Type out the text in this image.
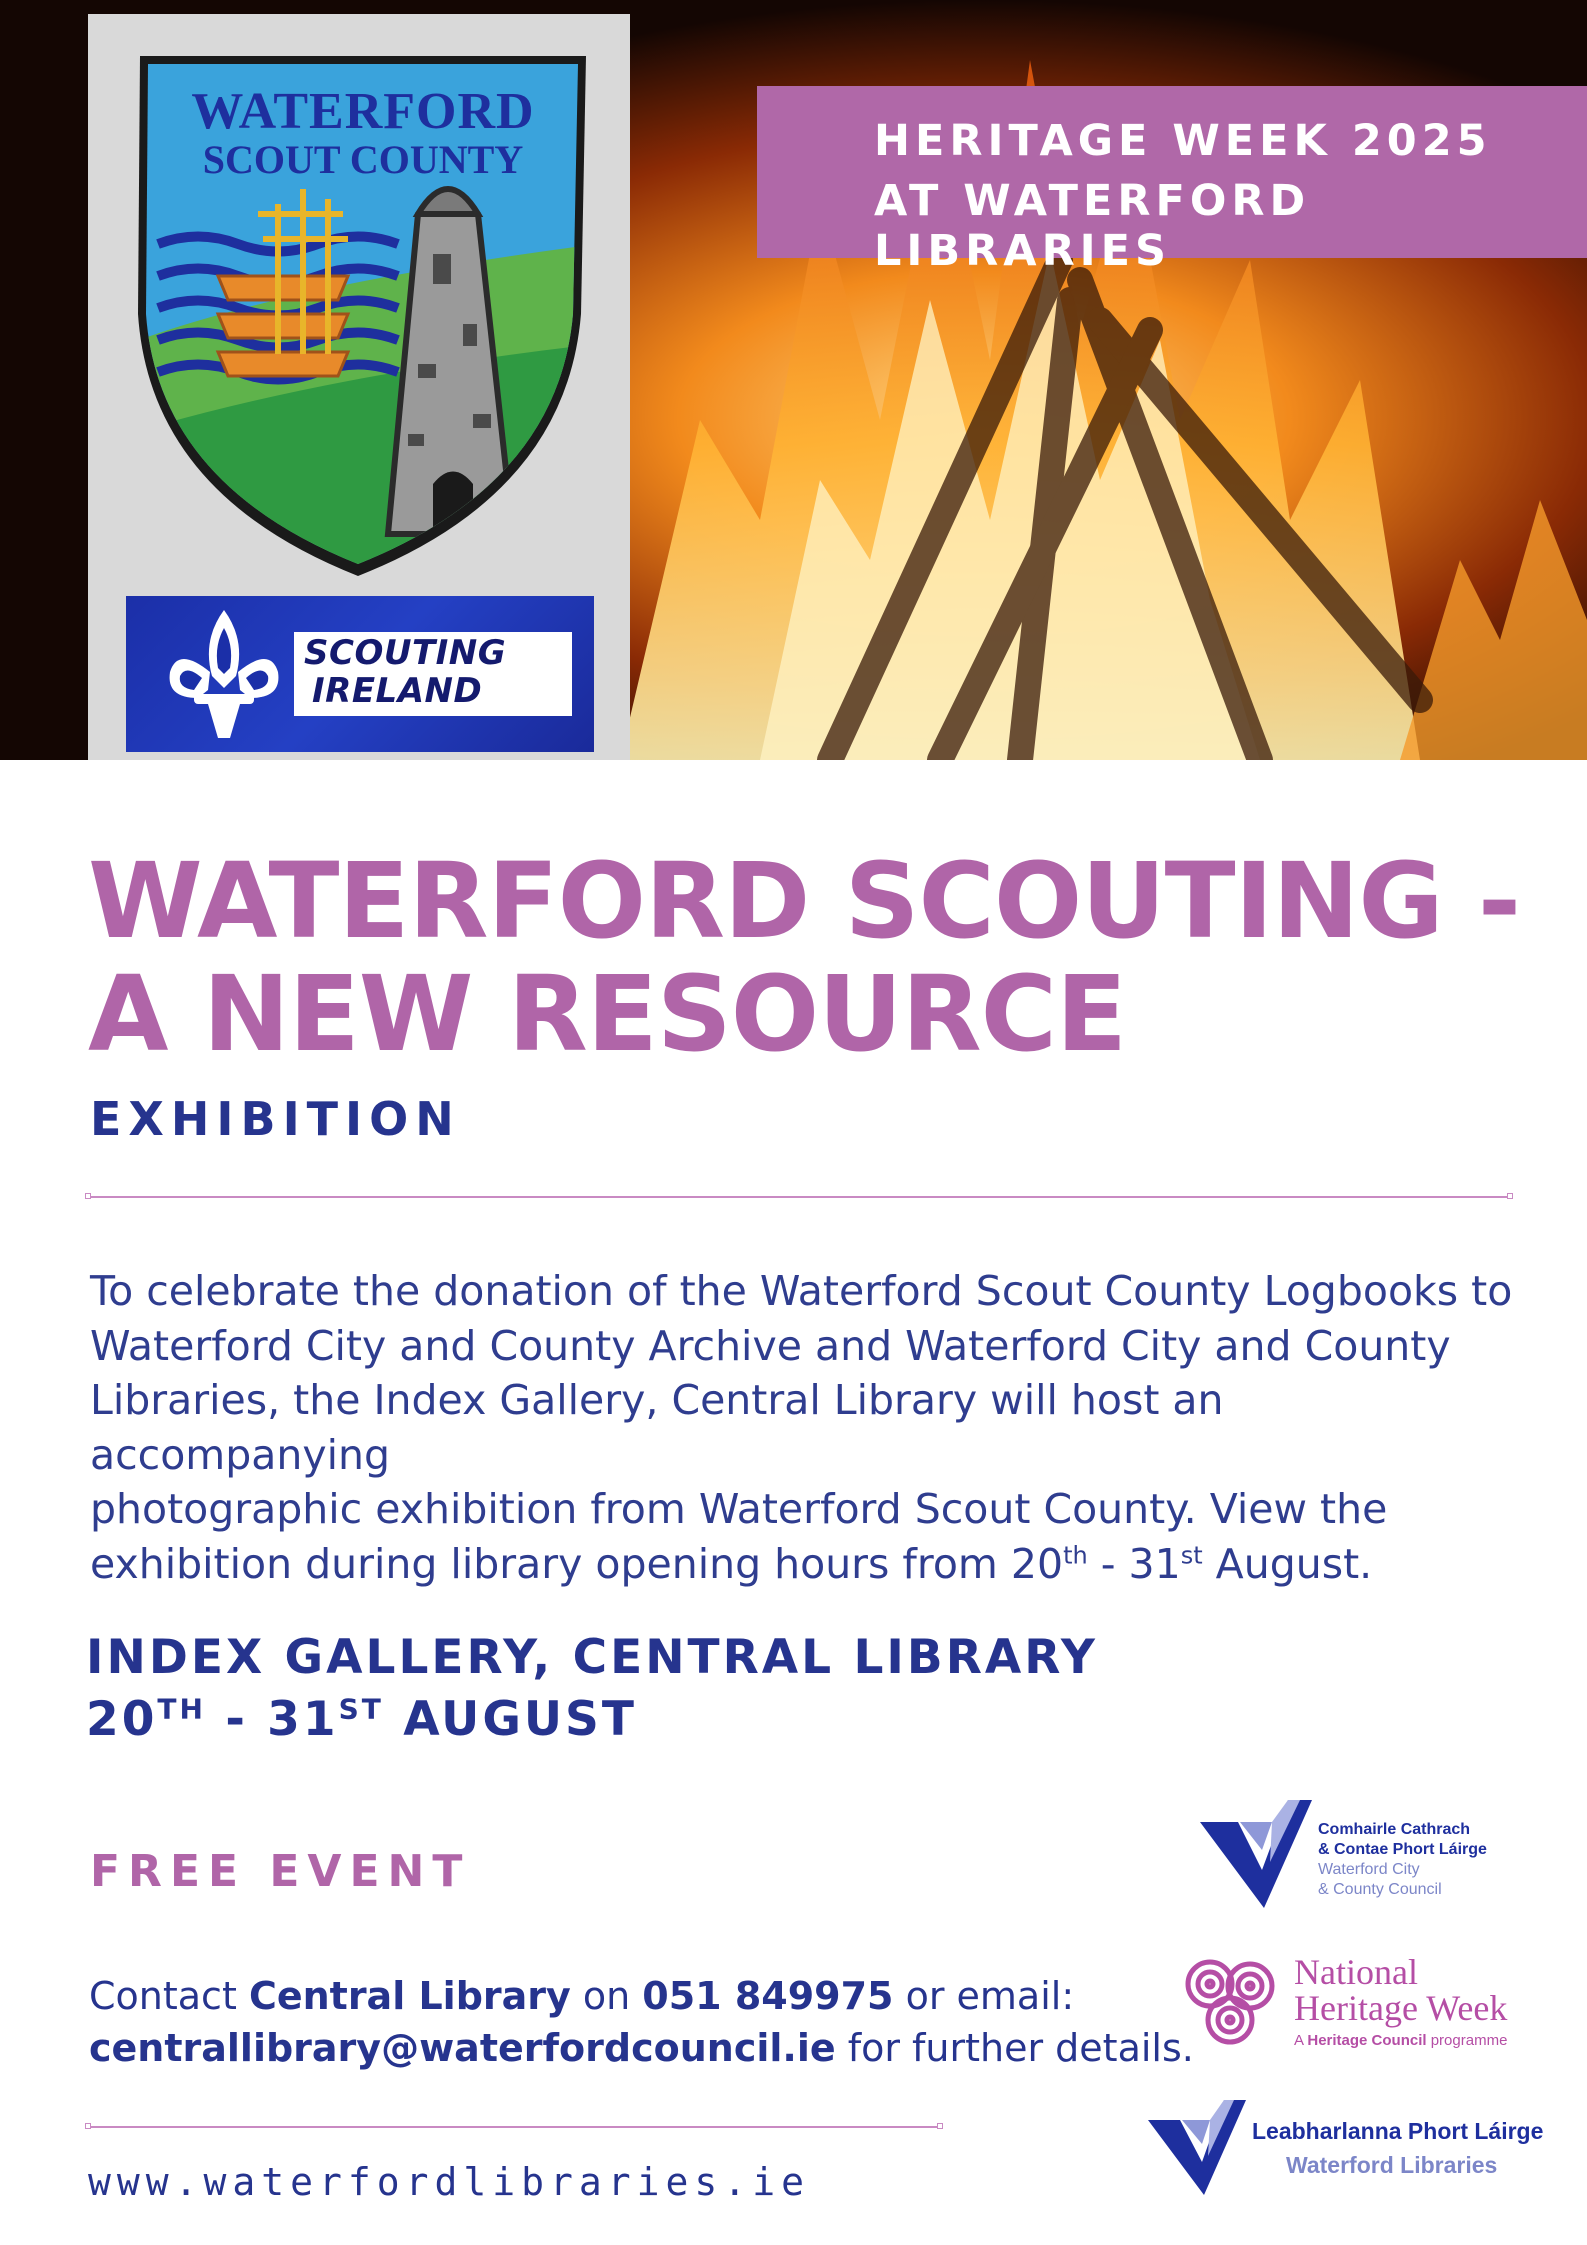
WATERFORD
SCOUT COUNTY
SCOUTING
IRELAND
HERITAGE WEEK 2025
AT WATERFORD LIBRARIES
WATERFORD SCOUTING -
A NEW RESOURCE
EXHIBITION
To celebrate the donation of the Waterford Scout County Logbooks to
Waterford City and County Archive and Waterford City and County
Libraries, the Index Gallery, Central Library will host an accompanying
photographic exhibition from Waterford Scout County. View the
exhibition during library opening hours from 20th - 31st August.
INDEX GALLERY, CENTRAL LIBRARY
20TH - 31ST AUGUST
FREE EVENT
Contact Central Library on 051 849975 or email:
centrallibrary@waterfordcouncil.ie for further details.
www.waterfordlibraries.ie
Comhairle Cathrach
& Contae Phort Láirge
Waterford City
& County Council
National
Heritage Week
A Heritage Council programme
Leabharlanna Phort Láirge
Waterford Libraries
